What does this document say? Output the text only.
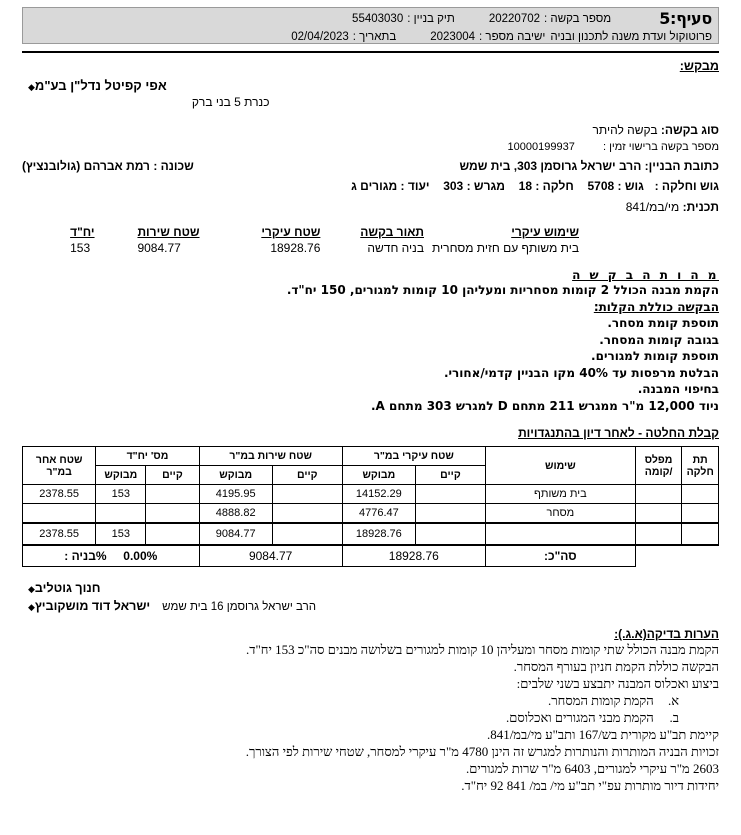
סעיף:5
מספר בקשה :
20220702
תיק בניין :
55403030
פרוטוקול ועדת משנה לתכנון ובניה
ישיבה מספר :
2023004
בתאריך :
02/04/2023
מבקש:
אפי קפיטל נדל"ן בע"מ
◆
כנרת 5 בני ברק
סוג בקשה: בקשה להיתר
מספר בקשה ברישוי זמין :  10000199937
כתובת הבניין: הרב ישראל גרוסמן 303, בית שמש
שכונה : רמת אברהם (גולובנציץ)
גוש וחלקה :  גוש : 5708  חלקה : 18  מגרש : 303  יעוד : מגורים ג
תכנית: מי/במ/841
שימוש עיקרי	תאור בקשה	שטח עיקרי	שטח שירות	יח"ד	
בית משותף עם חזית מסחרית	בניה חדשה	18928.76	9084.77	153	
מ ה ו ת ה ב ק ש ה
הקמת מבנה הכולל 2 קומות מסחריות ומעליהן 10 קומות למגורים, 150 יח"ד.
הבקשה כוללת הקלות:
תוספת קומת מסחר.
בגובה קומות המסחר.
תוספת קומות למגורים.
הבלטת מרפסות עד 40% מקו הבניין קדמי/אחורי.
בחיפוי המבנה.
ניוד 12,000 מ"ר ממגרש 211 מתחם D למגרש 303 מתחם A.
קבלת החלטה - לאחר דיון בהתנגדויות
תת חלקה	מפלס /קומה	שימוש	שטח עיקרי במ"ר		שטח שירות במ"ר		מס' יח"ד		שטח אחר במ"ר
			קיים	מבוקש	קיים	מבוקש	קיים	מבוקש	
		בית משותף		14152.29		4195.95		153	2378.55
		מסחר		4776.47		4888.82			
				18928.76		9084.77		153	2378.55
		סה"כ:	18928.76		9084.77		0.00%  %בניה :		
חנוך גוטליב
◆
הרב ישראל גרוסמן 16 בית שמש
ישראל דוד מושקוביץ
◆
הערות בדיקה(א.ג.):
הקמת מבנה הכולל שתי קומות מסחר ומעליהן 10 קומות למגורים בשלושה מבנים סה"כ 153 יח"ד.
הבקשה כוללת הקמת חניון בעורף המסחר.
ביצוע ואכלוס המבנה יתבצע בשני שלבים:
א. הקמת קומות המסחר.
ב. הקמת מבני המגורים ואכלוסם.
קיימת תב"ע מקורית בש/167 ותב"ע מי/במ/841.
זכויות הבניה המותרות והנותרות למגרש זה הינן 4780 מ"ר עיקרי למסחר, שטחי שירות לפי הצורך.
2603 מ"ר עיקרי למגורים, 6403 מ"ר שרות למגורים.
יחידות דיור מותרות עפ"י תב"ע מי/ במ/ 841 92 יח"ד.
